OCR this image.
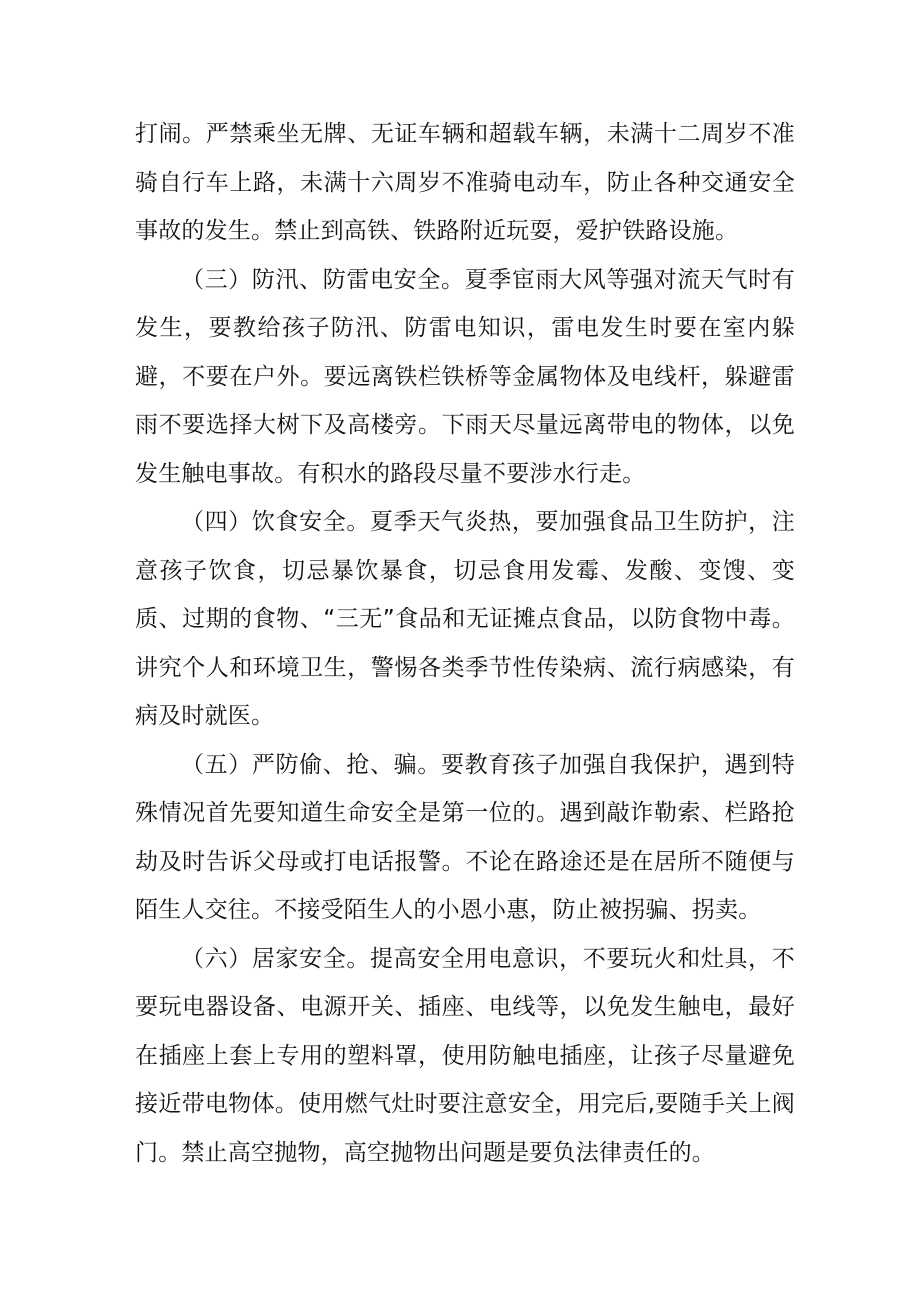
打闹。严禁乘坐无牌、无证车辆和超载车辆，未满十二周岁不准骑自行车上路，未满十六周岁不准骑电动车，防止各种交通安全事故的发生。禁止到高铁、铁路附近玩耍，爱护铁路设施。

（三）防汛、防雷电安全。夏季宦雨大风等强对流天气时有发生，要教给孩子防汛、防雷电知识，雷电发生时要在室内躲避，不要在户外。要远离铁栏铁桥等金属物体及电线杆，躲避雷雨不要选择大树下及高楼旁。下雨天尽量远离带电的物体，以免发生触电事故。有积水的路段尽量不要涉水行走。

（四）饮食安全。夏季天气炎热，要加强食品卫生防护，注意孩子饮食，切忌暴饮暴食，切忌食用发霉、发酸、变馊、变质、过期的食物、“三无”食品和无证摊点食品，以防食物中毒。讲究个人和环境卫生，警惕各类季节性传染病、流行病感染，有病及时就医。

（五）严防偷、抢、骗。要教育孩子加强自我保护，遇到特殊情况首先要知道生命安全是第一位的。遇到敲诈勒索、栏路抢劫及时告诉父母或打电话报警。不论在路途还是在居所不随便与陌生人交往。不接受陌生人的小恩小惠，防止被拐骗、拐卖。

（六）居家安全。提高安全用电意识，不要玩火和灶具，不要玩电器设备、电源开关、插座、电线等，以免发生触电，最好在插座上套上专用的塑料罩，使用防触电插座，让孩子尽量避免接近带电物体。使用燃气灶时要注意安全，用完后,要随手关上阀门。禁止高空抛物，高空抛物出问题是要负法律责任的。
